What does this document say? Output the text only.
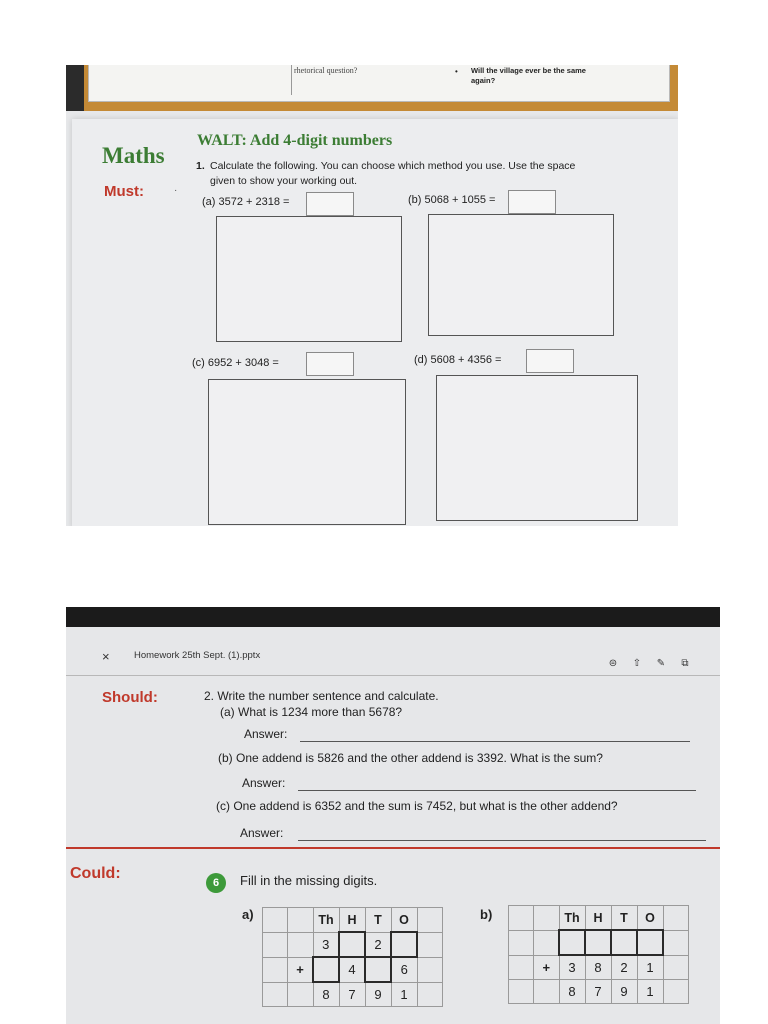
rhetorical question?	• Will the village ever be the same again?
Maths
Must:	·
WALT: Add 4-digit numbers
1. Calculate the following. You can choose which method you use. Use the space given to show your working out.
(a) 3572 + 2318 =	(b) 5068 + 1055 =
(c) 6952 + 3048 =	(d) 5608 + 4356 =
×	Homework 25th Sept. (1).pptx
⊜ ⇧ ✎	⧉
Should:	2. Write the number sentence and calculate.
(a) What is 1234 more than 5678?
Answer:
(b) One addend is 5826 and the other addend is 3392. What is the sum?
Answer:
(c) One addend is 6352 and the sum is 7452, but what is the other addend?
Answer:
Could:
6	Fill in the missing digits.
a)
			Th	H	T	O	
		3		2		
	+		4		6	
		8	7	9	1	
b)
			Th	H	T	O	

	+	3	8	2	1	
		8	7	9	1	
